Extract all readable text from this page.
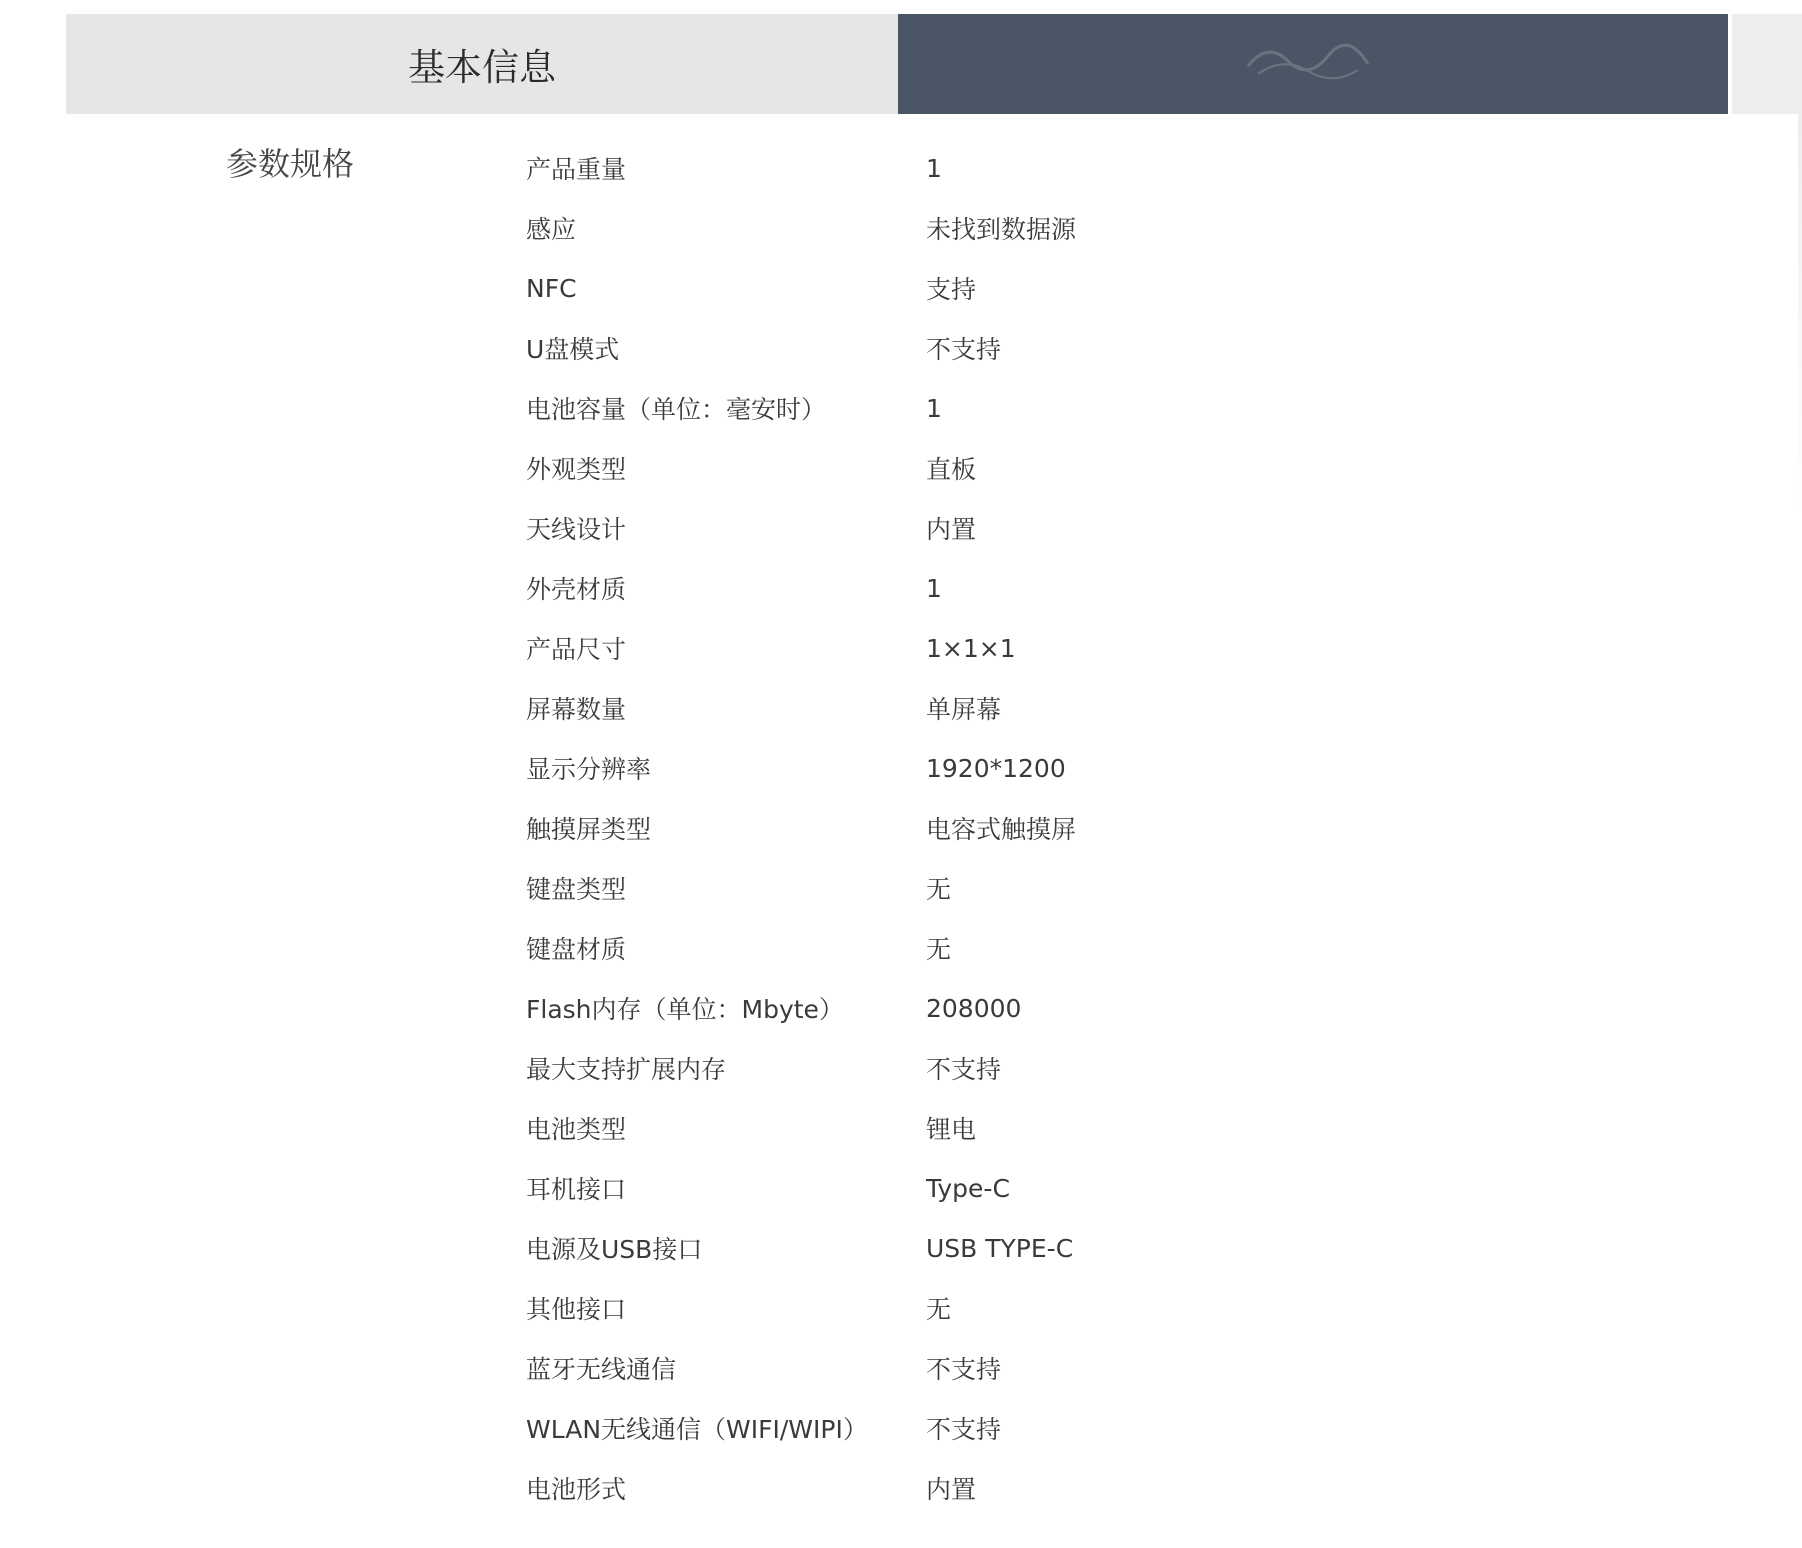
基本信息
参数规格	产品重量	1
感应	未找到数据源
NFC	支持
U盘模式	不支持
电池容量（单位：毫安时）	1
外观类型	直板
天线设计	内置
外壳材质	1
产品尺寸	1×1×1
屏幕数量	单屏幕
显示分辨率	1920*1200
触摸屏类型	电容式触摸屏
键盘类型	无
键盘材质	无
Flash内存（单位：Mbyte）	208000
最大支持扩展内存	不支持
电池类型	锂电
耳机接口	Type-C
电源及USB接口	USB TYPE-C
其他接口	无
蓝牙无线通信	不支持
WLAN无线通信（WIFI/WIPI）	不支持
电池形式	内置
